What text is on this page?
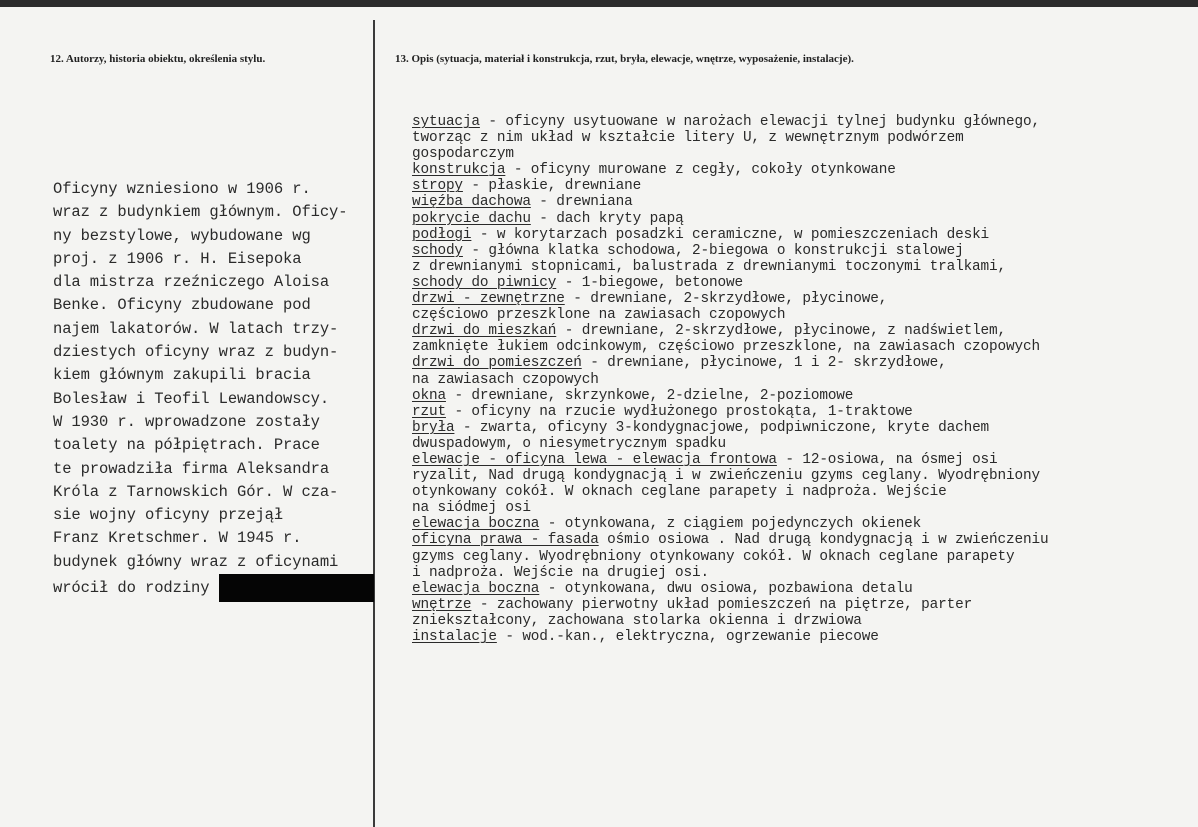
12. Autorzy, historia obiektu, określenia stylu.	13. Opis (sytuacja, materiał i konstrukcja, rzut, bryła, elewacje, wnętrze, wyposażenie, instalacje).
Oficyny wzniesiono w 1906 r.
wraz z budynkiem głównym. Oficy-
ny bezstylowe, wybudowane wg
proj. z 1906 r. H. Eisepoka
dla mistrza rzeźniczego Aloisa
Benke. Oficyny zbudowane pod
najem lakatorów. W latach trzy-
dziestych oficyny wraz z budyn-
kiem głównym zakupili bracia
Bolesław i Teofil Lewandowscy.
W 1930 r. wprowadzone zostały
toalety na półpiętrach. Prace
te prowadziła firma Aleksandra
Króla z Tarnowskich Gór. W cza-
sie wojny oficyny przejął
Franz Kretschmer. W 1945 r.
budynek główny wraz z oficynami
wrócił do rodziny
sytuacja - oficyny usytuowane w narożach elewacji tylnej budynku głównego,
tworząc z nim układ w kształcie litery U, z wewnętrznym podwórzem
gospodarczym
konstrukcja - oficyny murowane z cegły, cokoły otynkowane
stropy - płaskie, drewniane
więźba dachowa - drewniana
pokrycie dachu - dach kryty papą
podłogi - w korytarzach posadzki ceramiczne, w pomieszczeniach deski
schody - główna klatka schodowa, 2-biegowa o konstrukcji stalowej
z drewnianymi stopnicami, balustrada z drewnianymi toczonymi tralkami,
schody do piwnicy - 1-biegowe, betonowe
drzwi - zewnętrzne - drewniane, 2-skrzydłowe, płycinowe,
częściowo przeszklone na zawiasach czopowych
drzwi do mieszkań - drewniane, 2-skrzydłowe, płycinowe, z nadświetlem,
zamknięte łukiem odcinkowym, częściowo przeszklone, na zawiasach czopowych
drzwi do pomieszczeń - drewniane, płycinowe, 1 i 2- skrzydłowe,
na zawiasach czopowych
okna - drewniane, skrzynkowe, 2-dzielne, 2-poziomowe
rzut - oficyny na rzucie wydłużonego prostokąta, 1-traktowe
bryła - zwarta, oficyny 3-kondygnacjowe, podpiwniczone, kryte dachem
dwuspadowym, o niesymetrycznym spadku
elewacje - oficyna lewa - elewacja frontowa - 12-osiowa, na ósmej osi
ryzalit, Nad drugą kondygnacją i w zwieńczeniu gzyms ceglany. Wyodrębniony
otynkowany cokół. W oknach ceglane parapety i nadproża. Wejście
na siódmej osi
elewacja boczna - otynkowana, z ciągiem pojedynczych okienek
oficyna prawa - fasada ośmio osiowa . Nad drugą kondygnacją i w zwieńczeniu
gzyms ceglany. Wyodrębniony otynkowany cokół. W oknach ceglane parapety
i nadproża. Wejście na drugiej osi.
elewacja boczna - otynkowana, dwu osiowa, pozbawiona detalu
wnętrze - zachowany pierwotny układ pomieszczeń na piętrze, parter
zniekształcony, zachowana stolarka okienna i drzwiowa
instalacje - wod.-kan., elektryczna, ogrzewanie piecowe
